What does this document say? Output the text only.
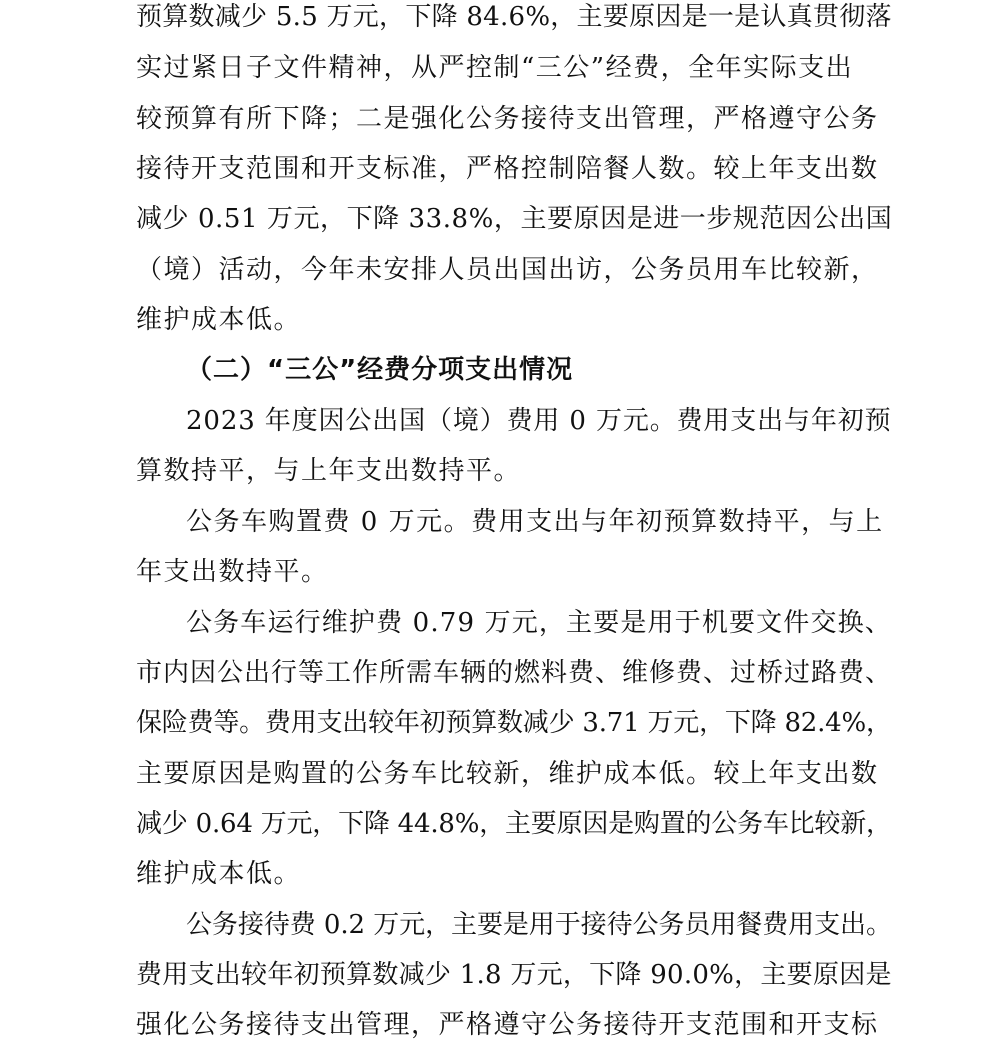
预算数减少 5.5 万元，下降 84.6%，主要原因是一是认真贯彻落
实过紧日子文件精神，从严控制“三公”经费，全年实际支出
较预算有所下降；二是强化公务接待支出管理，严格遵守公务
接待开支范围和开支标准，严格控制陪餐人数。较上年支出数
减少 0.51 万元，下降 33.8%，主要原因是进一步规范因公出国
（境）活动，今年未安排人员出国出访，公务员用车比较新，
维护成本低。
（二）“三公”经费分项支出情况
2023 年度因公出国（境）费用 0 万元。费用支出与年初预
算数持平，与上年支出数持平。
公务车购置费 0 万元。费用支出与年初预算数持平，与上
年支出数持平。
公务车运行维护费 0.79 万元，主要是用于机要文件交换、
市内因公出行等工作所需车辆的燃料费、维修费、过桥过路费、
保险费等。费用支出较年初预算数减少 3.71 万元，下降 82.4%，
主要原因是购置的公务车比较新，维护成本低。较上年支出数
减少 0.64 万元，下降 44.8%，主要原因是购置的公务车比较新，
维护成本低。
公务接待费 0.2 万元，主要是用于接待公务员用餐费用支出。
费用支出较年初预算数减少 1.8 万元，下降 90.0%，主要原因是
强化公务接待支出管理，严格遵守公务接待开支范围和开支标
